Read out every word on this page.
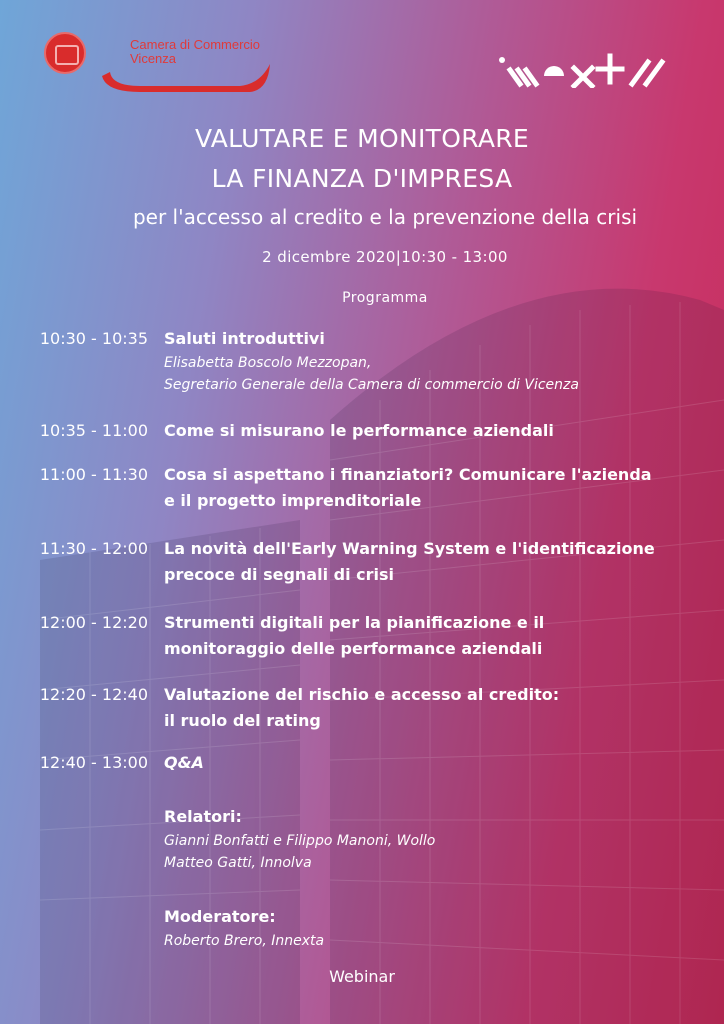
Camera di Commercio
Vicenza
VALUTARE E MONITORARE
LA FINANZA D'IMPRESA
per l'accesso al credito e la prevenzione della crisi
2 dicembre 2020|10:30 - 13:00
Programma
10:30 - 10:35 Saluti introduttivi
Elisabetta Boscolo Mezzopan,
Segretario Generale della Camera di commercio di Vicenza
10:35 - 11:00 Come si misurano le performance aziendali
11:00 - 11:30 Cosa si aspettano i finanziatori? Comunicare l'azienda
e il progetto imprenditoriale
11:30 - 12:00 La novità dell'Early Warning System e l'identificazione
precoce di segnali di crisi
12:00 - 12:20 Strumenti digitali per la pianificazione e il
monitoraggio delle performance aziendali
12:20 - 12:40 Valutazione del rischio e accesso al credito:
il ruolo del rating
12:40 - 13:00 Q&A
Relatori:
Gianni Bonfatti e Filippo Manoni, Wollo
Matteo Gatti, Innolva
Moderatore:
Roberto Brero, Innexta
Webinar
